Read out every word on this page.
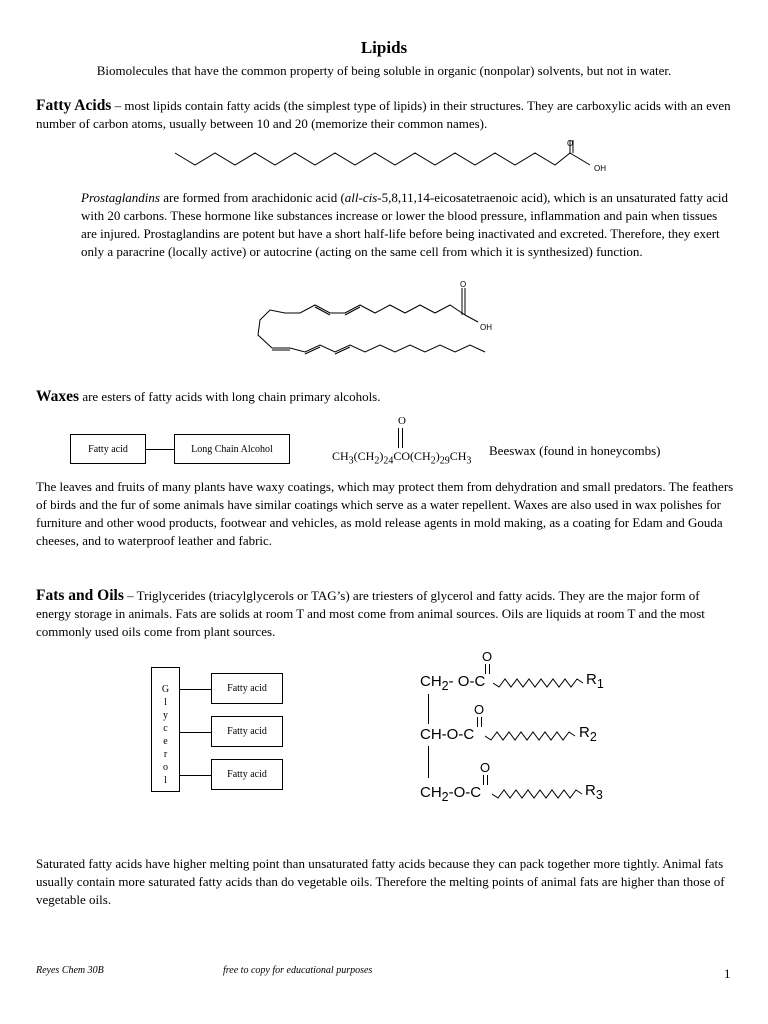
Lipids
Biomolecules that have the common property of being soluble in organic (nonpolar) solvents, but not in water.
Fatty Acids – most lipids contain fatty acids (the simplest type of lipids) in their structures. They are carboxylic acids with an even number of carbon atoms, usually between 10 and 20 (memorize their common names).
O
OH
Prostaglandins are formed from arachidonic acid (all-cis-5,8,11,14-eicosatetraenoic acid), which is an unsaturated fatty acid with 20 carbons. These hormone like substances increase or lower the blood pressure, inflammation and pain when tissues are injured. Prostaglandins are potent but have a short half-life before being inactivated and excreted. Therefore, they exert only a paracrine (locally active) or autocrine (acting on the same cell from which it is synthesized) function.
O
OH
Waxes are esters of fatty acids with long chain primary alcohols.
Fatty acid	Long Chain Alcohol
O
$CH_3(CH_2)_{24}CO(CH_2)_{29}CH_3$
Beeswax (found in honeycombs)
The leaves and fruits of many plants have waxy coatings, which may protect them from dehydration and small predators. The feathers of birds and the fur of some animals have similar coatings which serve as a water repellent. Waxes are also used in wax polishes for furniture and other wood products, footwear and vehicles, as mold release agents in mold making, as a coating for Edam and Gouda cheeses, and to waterproof leather and fabric.
Fats and Oils – Triglycerides (triacylglycerols or TAG’s) are triesters of glycerol and fatty acids. They are the major form of energy storage in animals. Fats are solids at room T and most come from animal sources. Oils are liquids at room T and the most commonly used oils come from plant sources.
G
l
y
c
e
r
o
l
Fatty acid
Fatty acid
Fatty acid
O
$CH_2-$ O-C	$R_1$
O
CH-O-C	$R_2$
O
$CH_2-O-C$	$R_3$
Saturated fatty acids have higher melting point than unsaturated fatty acids because they can pack together more tightly. Animal fats usually contain more saturated fatty acids than do vegetable oils. Therefore the melting points of animal fats are higher than those of vegetable oils.
Reyes Chem 30B	free to copy for educational purposes	1
